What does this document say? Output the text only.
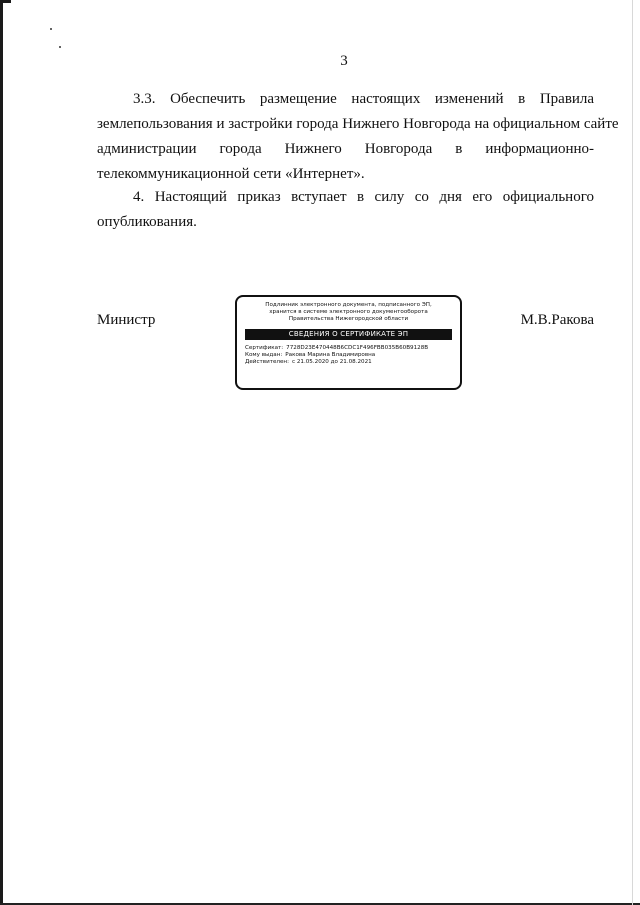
3
3.3. Обеспечить размещение настоящих изменений в Правила
землепользования и застройки города Нижнего Новгорода на официальном сайте
администрации города Нижнего Новгорода в информационно-
телекоммуникационной сети «Интернет».
4. Настоящий приказ вступает в силу со дня его официального
опубликования.
Министр	М.В.Ракова
Подлинник электронного документа, подписанного ЭП,
хранится в системе электронного документооборота
Правительства Нижегородской области
СВЕДЕНИЯ О СЕРТИФИКАТЕ ЭП
Сертификат: 7728D23E470448B6CDC1F496FBB035B60B9128B
Кому выдан: Ракова Марина Владимировна
Действителен: с 21.05.2020 до 21.08.2021
